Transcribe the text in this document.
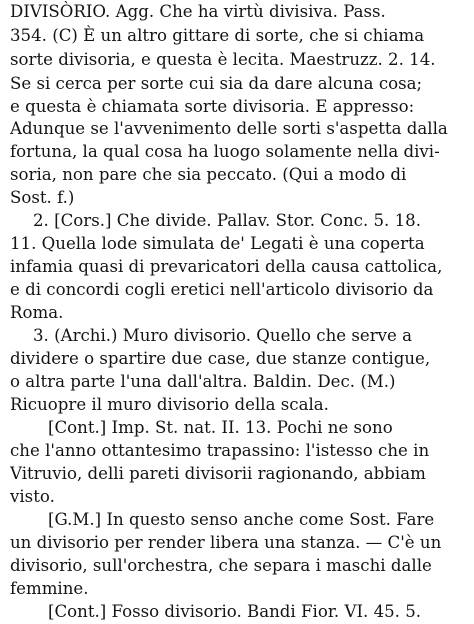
DIVISÒRIO. Agg. Che ha virtù divisiva. Pass.
354. (C) È un altro gittare di sorte, che si chiama
sorte divisoria, e questa è lecita. Maestruzz. 2. 14.
Se si cerca per sorte cui sia da dare alcuna cosa;
e questa è chiamata sorte divisoria. E appresso:
Adunque se l'avvenimento delle sorti s'aspetta dalla
fortuna, la qual cosa ha luogo solamente nella divi-
soria, non pare che sia peccato. (Qui a modo di
Sost. f.)
2. [Cors.] Che divide. Pallav. Stor. Conc. 5. 18.
11. Quella lode simulata de' Legati è una coperta
infamia quasi di prevaricatori della causa cattolica,
e di concordi cogli eretici nell'articolo divisorio da
Roma.
3. (Archi.) Muro divisorio. Quello che serve a
dividere o spartire due case, due stanze contigue,
o altra parte l'una dall'altra. Baldin. Dec. (M.)
Ricuopre il muro divisorio della scala.
[Cont.] Imp. St. nat. II. 13. Pochi ne sono
che l'anno ottantesimo trapassino: l'istesso che in
Vitruvio, delli pareti divisorii ragionando, abbiam
visto.
[G.M.] In questo senso anche come Sost. Fare
un divisorio per render libera una stanza. — C'è un
divisorio, sull'orchestra, che separa i maschi dalle
femmine.
[Cont.] Fosso divisorio. Bandi Fior. VI. 45. 5.
